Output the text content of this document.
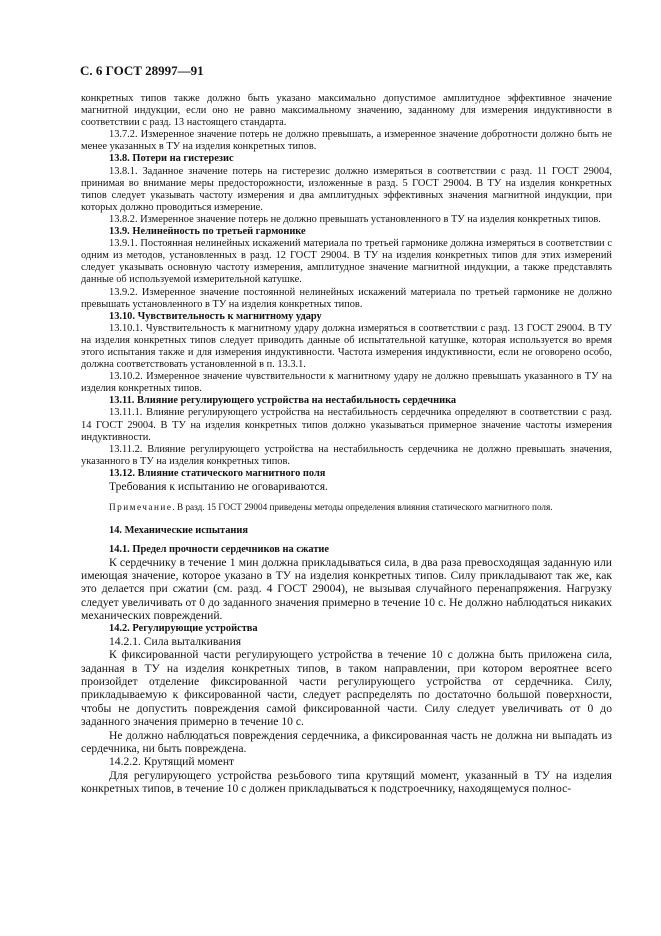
С. 6 ГОСТ 28997—91

конкретных типов также должно быть указано максимально допустимое амплитудное эффективное значение магнитной индукции, если оно не равно максимальному значению, заданному для измерения индуктивности в соответствии с разд. 13 настоящего стандарта.

13.7.2. Измеренное значение потерь не должно превышать, а измеренное значение добротности должно быть не менее указанных в ТУ на изделия конкретных типов.

13.8. Потери на гистерезис

13.8.1. Заданное значение потерь на гистерезис должно измеряться в соответствии с разд. 11 ГОСТ 29004, принимая во внимание меры предосторожности, изложенные в разд. 5 ГОСТ 29004. В ТУ на изделия конкретных типов следует указывать частоту измерения и два амплитудных эффективных значения магнитной индукции, при которых должно проводиться измерение.

13.8.2. Измеренное значение потерь не должно превышать установленного в ТУ на изделия конкретных типов.

13.9. Нелинейность по третьей гармонике

13.9.1. Постоянная нелинейных искажений материала по третьей гармонике должна измеряться в соответствии с одним из методов, установленных в разд. 12 ГОСТ 29004. В ТУ на изделия конкретных типов для этих измерений следует указывать основную частоту измерения, амплитудное значение магнитной индукции, а также представлять данные об используемой измерительной катушке.

13.9.2. Измеренное значение постоянной нелинейных искажений материала по третьей гармонике не должно превышать установленного в ТУ на изделия конкретных типов.

13.10. Чувствительность к магнитному удару

13.10.1. Чувствительность к магнитному удару должна измеряться в соответствии с разд. 13 ГОСТ 29004. В ТУ на изделия конкретных типов следует приводить данные об испытательной катушке, которая используется во время этого испытания также и для измерения индуктивности. Частота измерения индуктивности, если не оговорено особо, должна соответствовать установленной в п. 13.3.1.

13.10.2. Измеренное значение чувствительности к магнитному удару не должно превышать указанного в ТУ на изделия конкретных типов.

13.11. Влияние регулирующего устройства на нестабильность сердечника

13.11.1. Влияние регулирующего устройства на нестабильность сердечника определяют в соответствии с разд. 14 ГОСТ 29004. В ТУ на изделия конкретных типов должно указываться примерное значение частоты измерения индуктивности.

13.11.2. Влияние регулирующего устройства на нестабильность сердечника не должно превышать значения, указанного в ТУ на изделия конкретных типов.

13.12. Влияние статического магнитного поля

Требования к испытанию не оговариваются.

Примечание. В разд. 15 ГОСТ 29004 приведены методы определения влияния статического магнитного поля.

14. Механические испытания

14.1. Предел прочности сердечников на сжатие

К сердечнику в течение 1 мин должна прикладываться сила, в два раза превосходящая заданную или имеющая значение, которое указано в ТУ на изделия конкретных типов. Силу прикладывают так же, как это делается при сжатии (см. разд. 4 ГОСТ 29004), не вызывая случайного перенапряжения. Нагрузку следует увеличивать от 0 до заданного значения примерно в течение 10 с. Не должно наблюдаться никаких механических повреждений.

14.2. Регулирующие устройства

14.2.1. Сила выталкивания

К фиксированной части регулирующего устройства в течение 10 с должна быть приложена сила, заданная в ТУ на изделия конкретных типов, в таком направлении, при котором вероятнее всего произойдет отделение фиксированной части регулирующего устройства от сердечника. Силу, прикладываемую к фиксированной части, следует распределять по достаточно большой поверхности, чтобы не допустить повреждения самой фиксированной части. Силу следует увеличивать от 0 до заданного значения примерно в течение 10 с.

Не должно наблюдаться повреждения сердечника, а фиксированная часть не должна ни выпадать из сердечника, ни быть повреждена.

14.2.2. Крутящий момент

Для регулирующего устройства резьбового типа крутящий момент, указанный в ТУ на изделия конкретных типов, в течение 10 с должен прикладываться к подстроечнику, находящемуся полнос-
